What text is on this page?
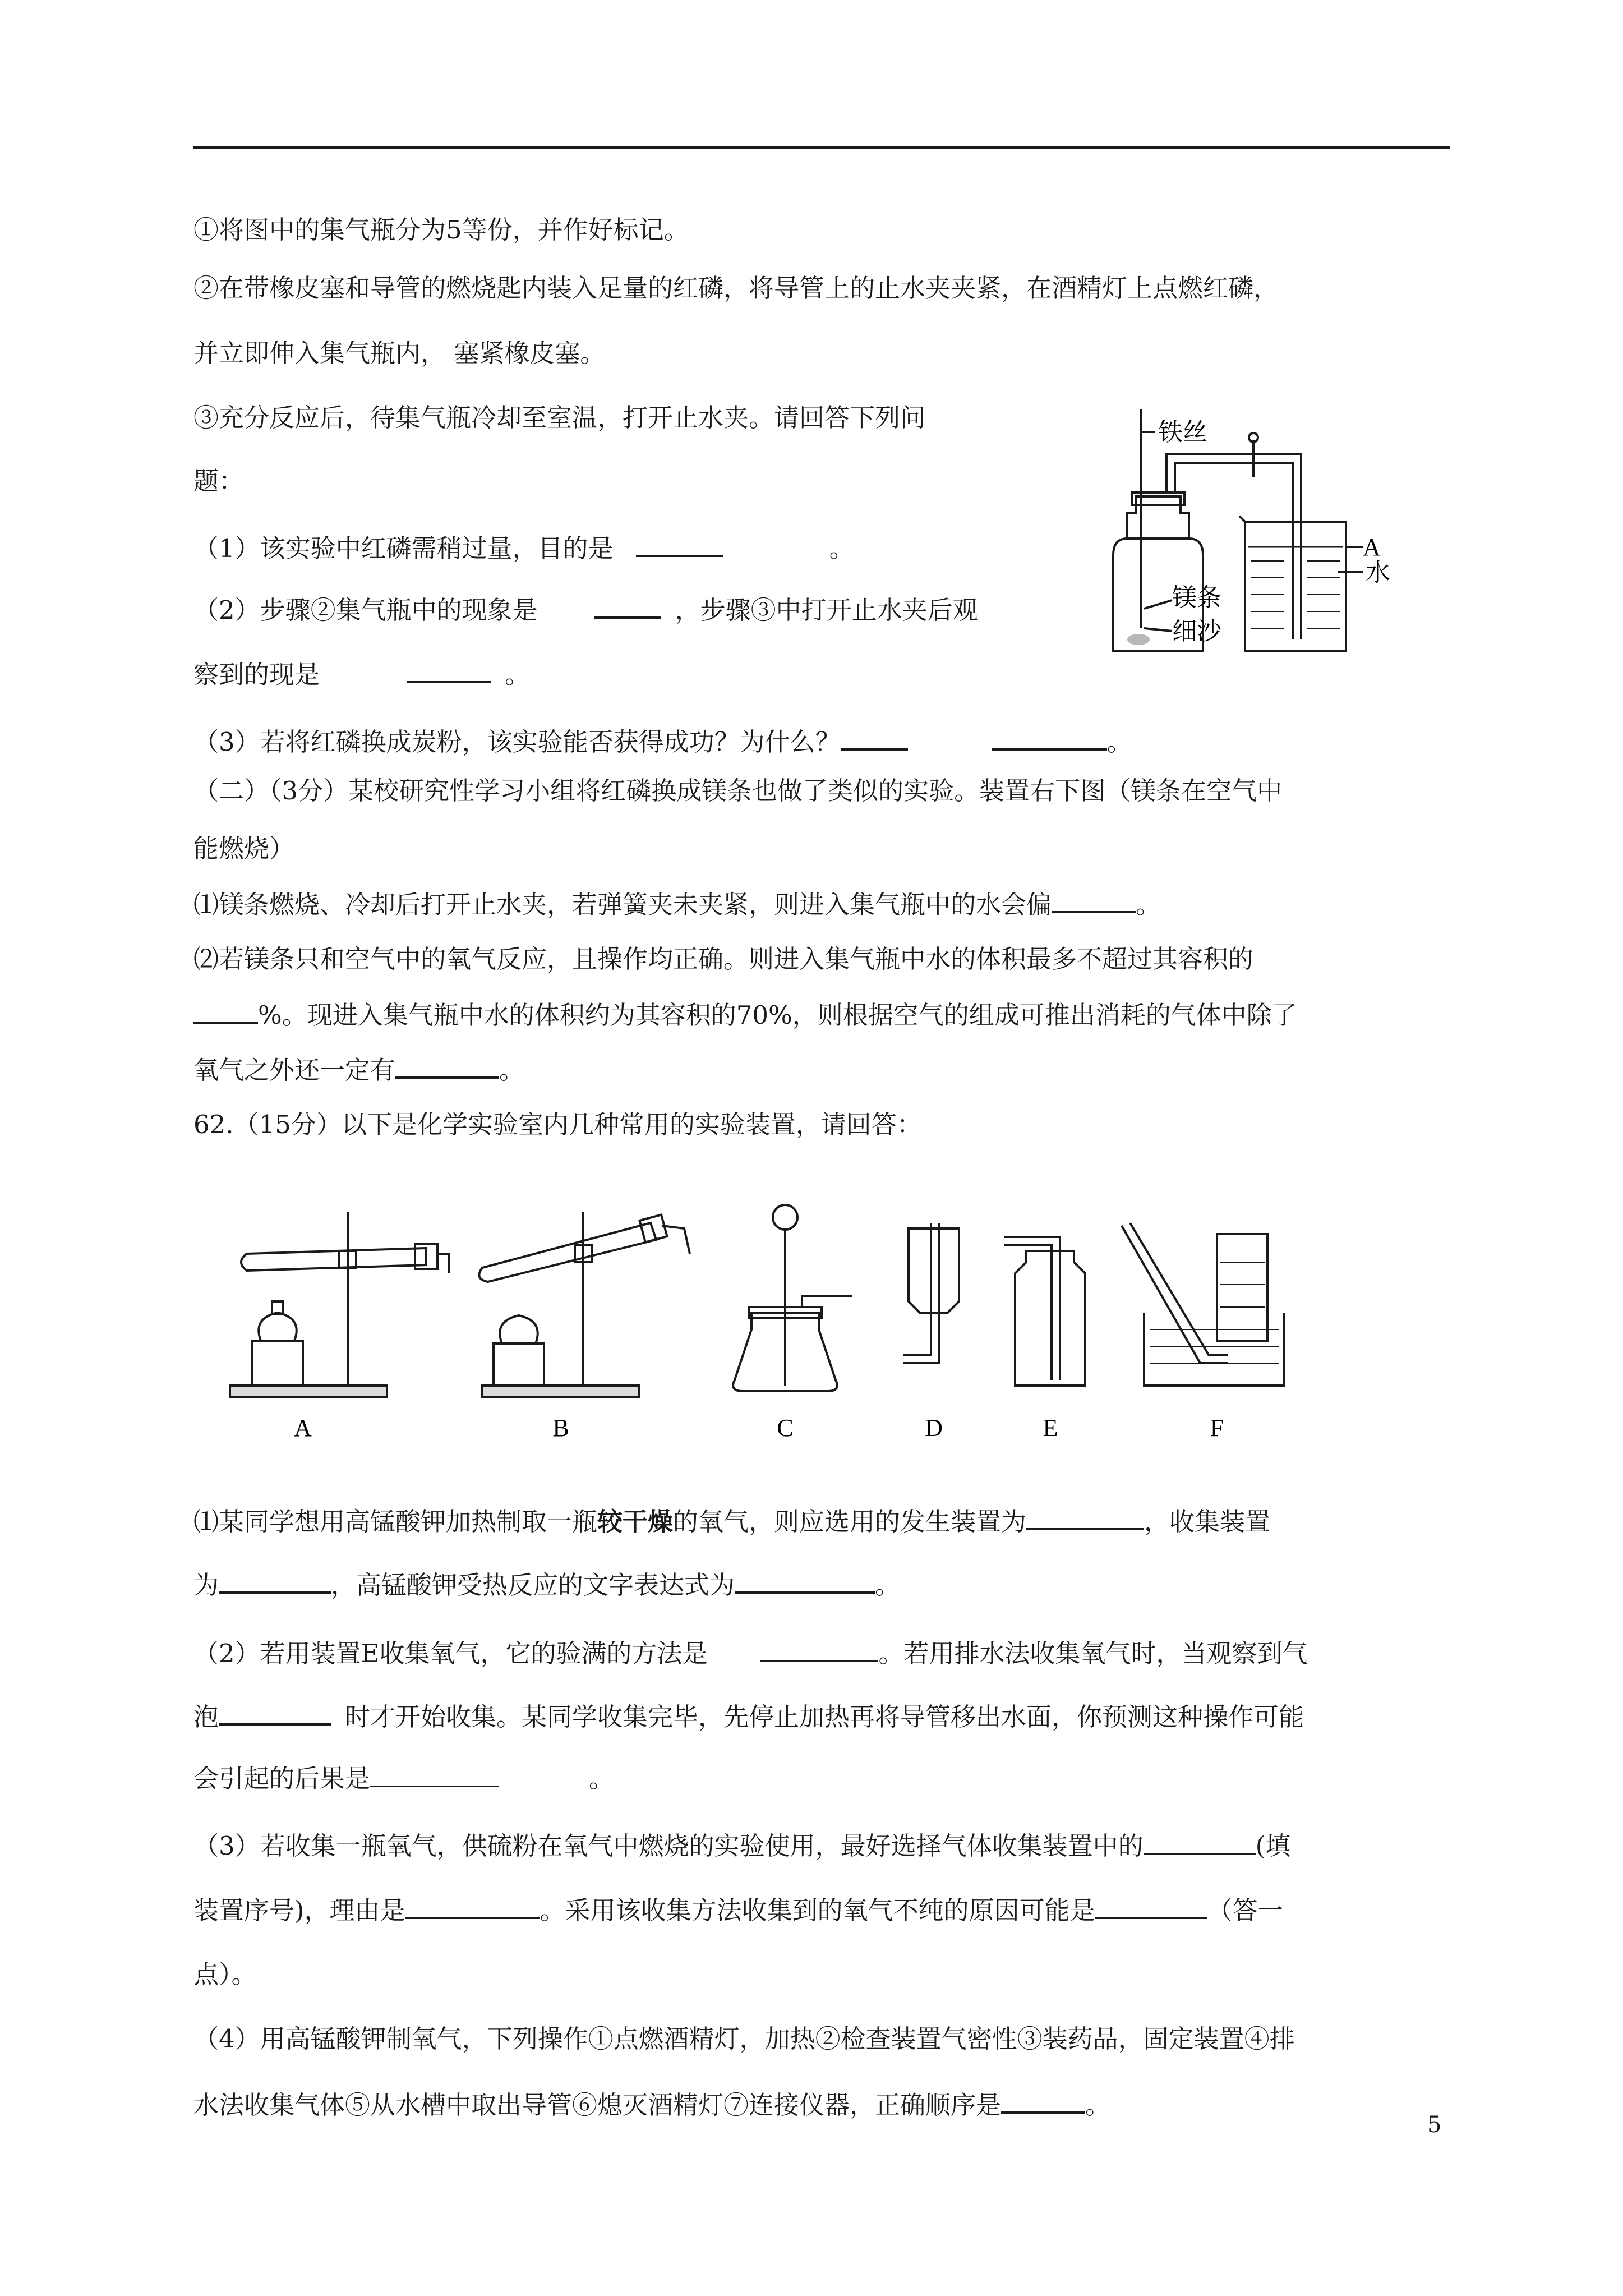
①将图中的集气瓶分为5等份，并作好标记。
②在带橡皮塞和导管的燃烧匙内装入足量的红磷，将导管上的止水夹夹紧，在酒精灯上点燃红磷，
并立即伸入集气瓶内， 塞紧橡皮塞。
③充分反应后，待集气瓶冷却至室温，打开止水夹。请回答下列问
题：
（1）该实验中红磷需稍过量，目的是	。
（2）步骤②集气瓶中的现象是	，步骤③中打开止水夹后观
察到的现是	。
（3）若将红磷换成炭粉，该实验能否获得成功？为什么？	。
（二）（3分）某校研究性学习小组将红磷换成镁条也做了类似的实验。装置右下图（镁条在空气中
能燃烧）
⑴镁条燃烧、冷却后打开止水夹，若弹簧夹未夹紧，则进入集气瓶中的水会偏	。
⑵若镁条只和空气中的氧气反应，且操作均正确。则进入集气瓶中水的体积最多不超过其容积的
%。现进入集气瓶中水的体积约为其容积的70%，则根据空气的组成可推出消耗的气体中除了
氧气之外还一定有	。
62.（15分）以下是化学实验室内几种常用的实验装置，请回答：
⑴某同学想用高锰酸钾加热制取一瓶较干燥的氧气，则应选用的发生装置为	，收集装置
为	，高锰酸钾受热反应的文字表达式为	。
（2）若用装置E收集氧气，它的验满的方法是	。若用排水法收集氧气时，当观察到气
泡	时才开始收集。某同学收集完毕，先停止加热再将导管移出水面，你预测这种操作可能
会引起的后果是	。
（3）若收集一瓶氧气，供硫粉在氧气中燃烧的实验使用，最好选择气体收集装置中的	(填
装置序号)，理由是	。采用该收集方法收集到的氧气不纯的原因可能是	（答一
点）。
（4）用高锰酸钾制氧气，下列操作①点燃酒精灯，加热②检查装置气密性③装药品，固定装置④排
水法收集气体⑤从水槽中取出导管⑥熄灭酒精灯⑦连接仪器，正确顺序是	。
铁丝
A
水
镁条
细沙
A	B	C	D	E	F
5
